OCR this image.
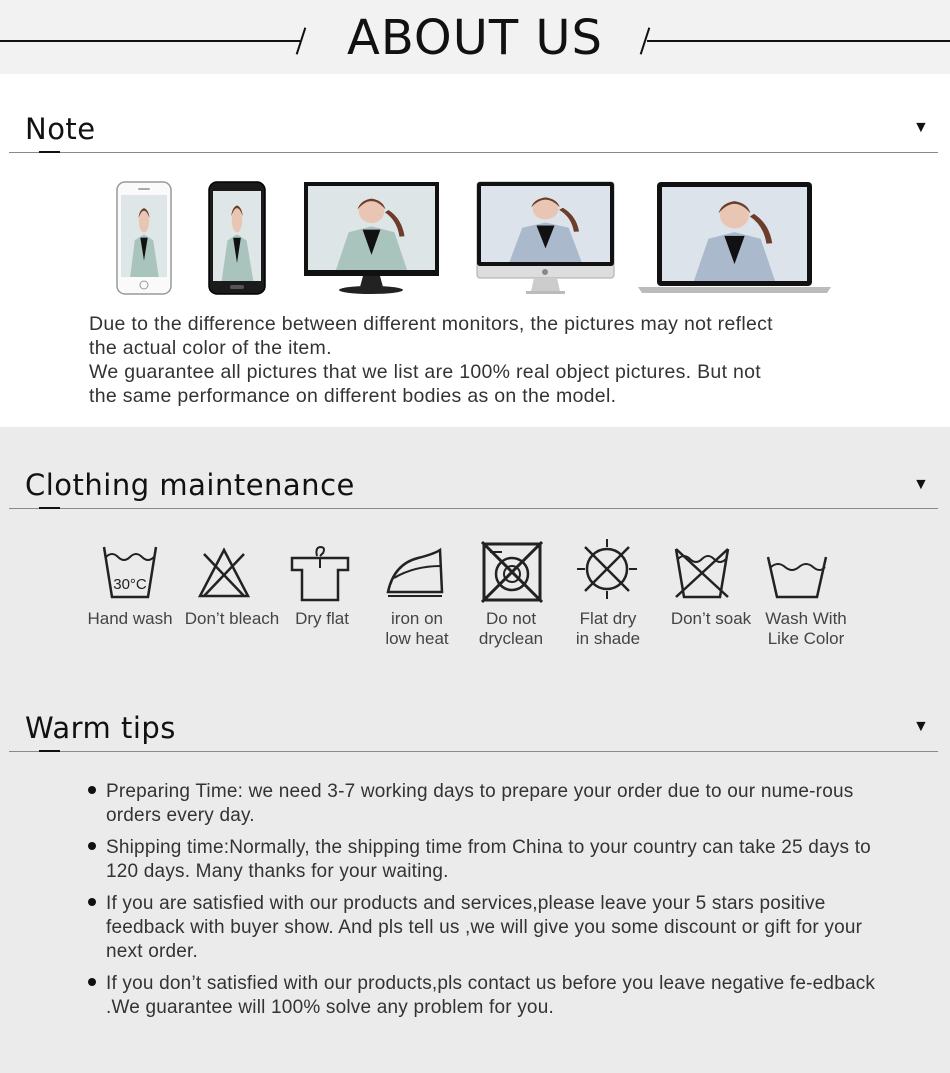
ABOUT US
Note	▼

Due to the difference between different monitors, the pictures may not reflect

the actual color of the item.

We guarantee all pictures that we list are 100% real object pictures. But not

the same performance on different bodies as on the model.

Clothing maintenance	▼
30°C
Hand wash Don’t bleach Dry flat	iron on
low heat
Do not
dryclean
Flat dry
in shade
Don’t soak Wash With
Like Color
Warm tips	▼
Preparing Time: we need 3-7 working days to prepare your order due to our nume-rous orders every day.
Shipping time:Normally, the shipping time from China to your country can take 25 days to 120 days. Many thanks for your waiting.
If you are satisfied with our products and services,please leave your 5 stars positive feedback with buyer show. And pls tell us ,we will give you some discount or gift for your next order.
If you don’t satisfied with our products,pls contact us before you leave negative fe-edback .We guarantee will 100% solve any problem for you.
